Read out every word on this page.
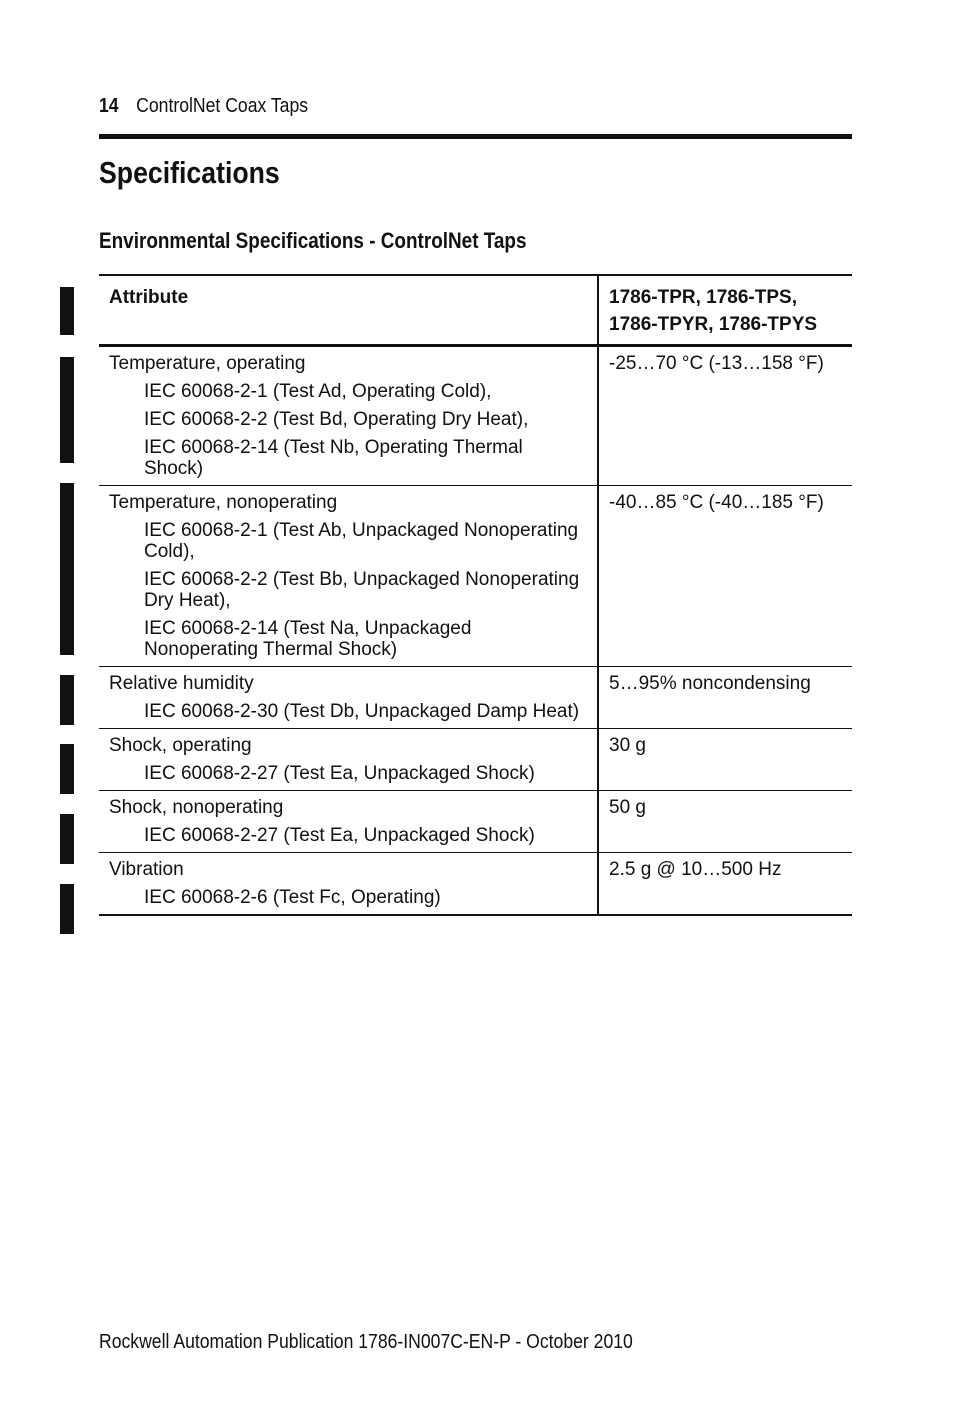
14 ControlNet Coax Taps
Specifications
Environmental Specifications - ControlNet Taps
Attribute	1786-TPR, 1786-TPS,
1786-TPYR, 1786-TPYS

Temperature, operating
IEC 60068-2-1 (Test Ad, Operating Cold),
IEC 60068-2-2 (Test Bd, Operating Dry Heat),
IEC 60068-2-14 (Test Nb, Operating Thermal Shock)	-25…70 °C (-13…158 °F)

Temperature, nonoperating
IEC 60068-2-1 (Test Ab, Unpackaged Nonoperating Cold),
IEC 60068-2-2 (Test Bb, Unpackaged Nonoperating Dry Heat),
IEC 60068-2-14 (Test Na, Unpackaged Nonoperating Thermal Shock)	-40…85 °C (-40…185 °F)

Relative humidity
IEC 60068-2-30 (Test Db, Unpackaged Damp Heat)	5…95% noncondensing

Shock, operating
IEC 60068-2-27 (Test Ea, Unpackaged Shock)	30 g

Shock, nonoperating
IEC 60068-2-27 (Test Ea, Unpackaged Shock)	50 g

Vibration
IEC 60068-2-6 (Test Fc, Operating)	2.5 g @ 10…500 Hz
Rockwell Automation Publication 1786-IN007C-EN-P - October 2010
